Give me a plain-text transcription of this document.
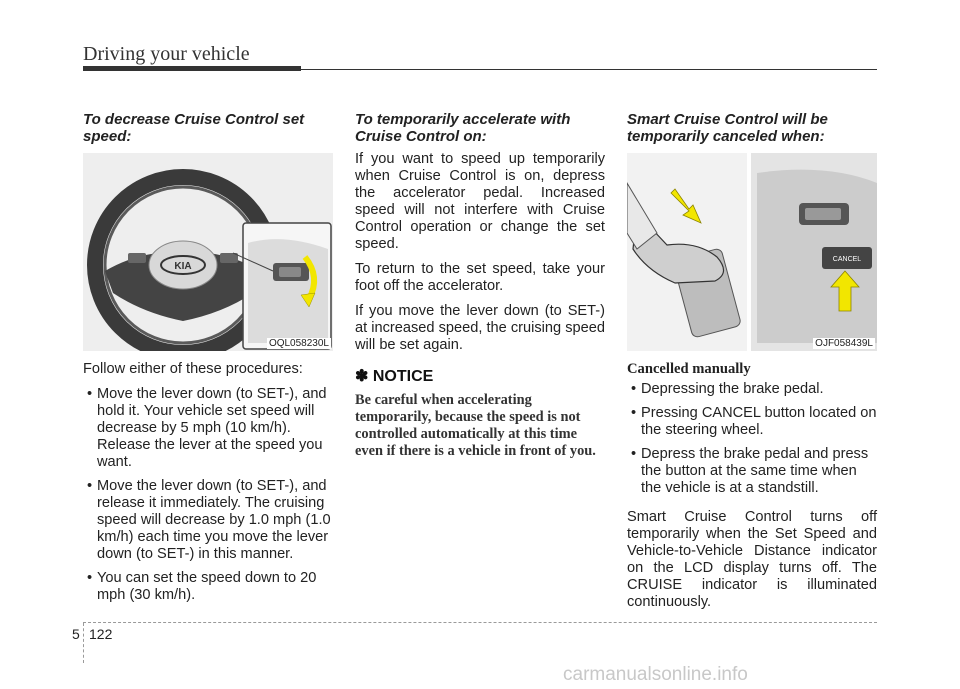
Driving your vehicle

To decrease Cruise Control set speed:

KIA
OQL058230L

Follow either of these procedures:

• Move the lever down (to SET-), and hold it. Your vehicle set speed will decrease by 5 mph (10 km/h). Release the lever at the speed you want.
• Move the lever down (to SET-), and release it immediately. The cruising speed will decrease by 1.0 mph (1.0 km/h) each time you move the lever down (to SET-) in this manner.
• You can set the speed down to 20 mph (30 km/h).

To temporarily accelerate with Cruise Control on:

If you want to speed up temporarily when Cruise Control is on, depress the accelerator pedal. Increased speed will not interfere with Cruise Control operation or change the set speed.

To return to the set speed, take your foot off the accelerator.

If you move the lever down (to SET-) at increased speed, the cruising speed will be set again.

✽ NOTICE
Be careful when accelerating temporarily, because the speed is not controlled automatically at this time even if there is a vehicle in front of you.

Smart Cruise Control will be temporarily canceled when:

CANCEL
OJF058439L

Cancelled manually

• Depressing the brake pedal.
• Pressing CANCEL button located on the steering wheel.
• Depress the brake pedal and press the button at the same time when the vehicle is at a standstill.

Smart Cruise Control turns off temporarily when the Set Speed and Vehicle-to-Vehicle Distance indicator on the LCD display turns off. The CRUISE indicator is illuminated continuously.

5 122
carmanualsonline.info
